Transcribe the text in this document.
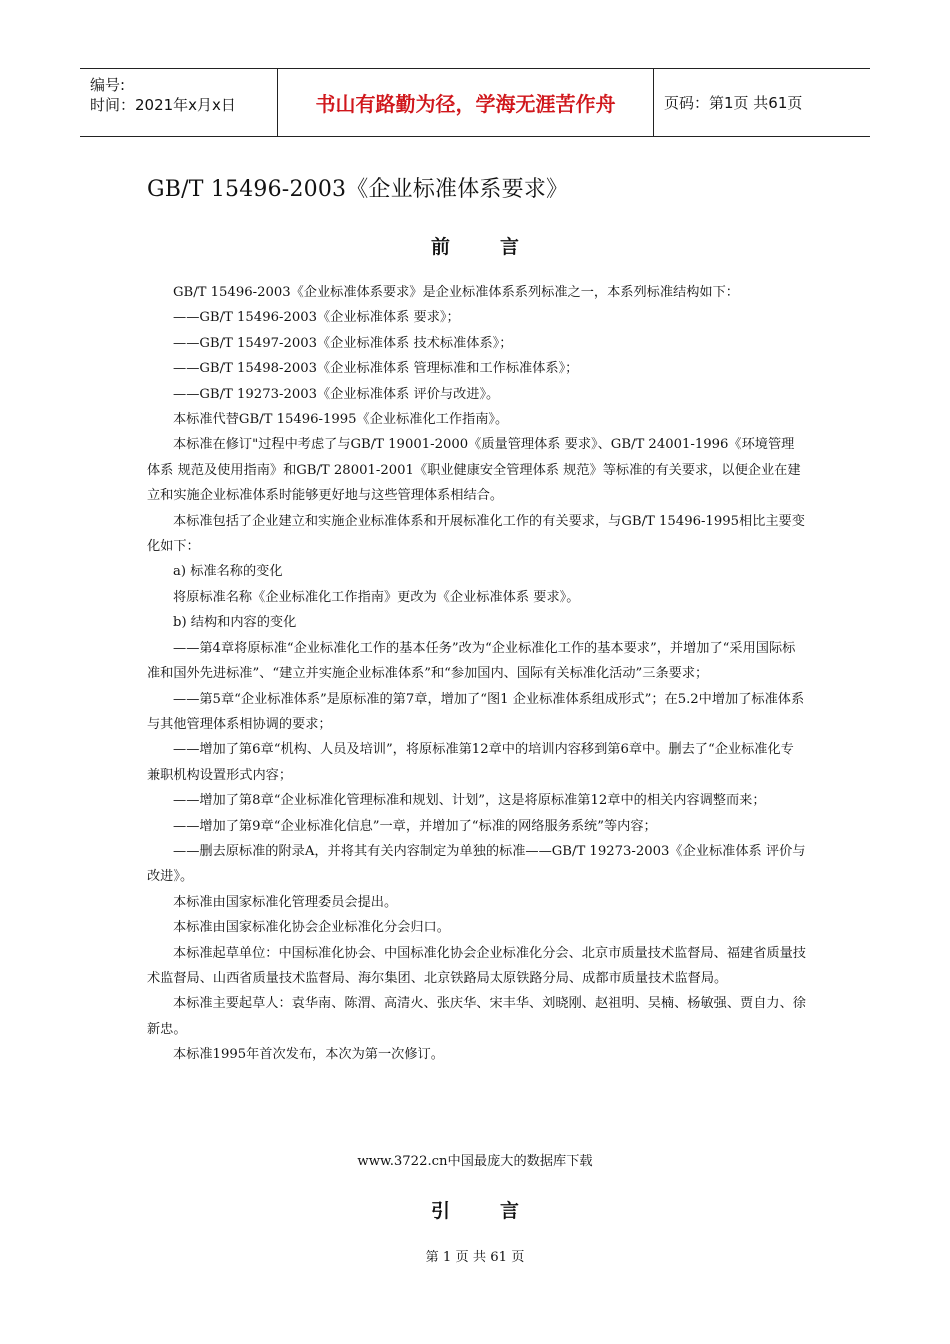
编号:
时间：2021年x月x日	书山有路勤为径，学海无涯苦作舟	页码：第1页 共61页
GB/T 15496-2003《企业标准体系要求》
前言

GB/T 15496-2003《企业标准体系要求》是企业标准体系系列标准之一，本系列标准结构如下：

——GB/T 15496-2003《企业标准体系 要求》；

——GB/T 15497-2003《企业标准体系 技术标准体系》；

——GB/T 15498-2003《企业标准体系 管理标准和工作标准体系》；

——GB/T 19273-2003《企业标准体系 评价与改进》。

本标准代替GB/T 15496-1995《企业标准化工作指南》。

本标准在修订"过程中考虑了与GB/T 19001-2000《质量管理体系 要求》、GB/T 24001-1996《环境管理体系 规范及使用指南》和GB/T 28001-2001《职业健康安全管理体系 规范》等标准的有关要求，以便企业在建立和实施企业标准体系时能够更好地与这些管理体系相结合。

本标准包括了企业建立和实施企业标准体系和开展标准化工作的有关要求，与GB/T 15496-1995相比主要变化如下：

a) 标准名称的变化

将原标准名称《企业标准化工作指南》更改为《企业标准体系 要求》。

b) 结构和内容的变化

——第4章将原标准“企业标准化工作的基本任务”改为“企业标准化工作的基本要求”，并增加了“采用国际标准和国外先进标准”、“建立并实施企业标准体系”和“参加国内、国际有关标准化活动”三条要求；

——第5章“企业标准体系”是原标准的第7章，增加了“图1 企业标准体系组成形式”；在5.2中增加了标准体系与其他管理体系相协调的要求；

——增加了第6章“机构、人员及培训”，将原标准第12章中的培训内容移到第6章中。删去了“企业标准化专兼职机构设置形式内容；

——增加了第8章“企业标准化管理标准和规划、计划”，这是将原标准第12章中的相关内容调整而来；

——增加了第9章“企业标准化信息”一章，并增加了“标准的网络服务系统”等内容；

——删去原标准的附录A，并将其有关内容制定为单独的标准——GB/T 19273-2003《企业标准体系 评价与改进》。

本标准由国家标准化管理委员会提出。

本标准由国家标准化协会企业标准化分会归口。

本标准起草单位：中国标准化协会、中国标准化协会企业标准化分会、北京市质量技术监督局、福建省质量技术监督局、山西省质量技术监督局、海尔集团、北京铁路局太原铁路分局、成都市质量技术监督局。

本标准主要起草人：袁华南、陈渭、高清火、张庆华、宋丰华、刘晓刚、赵祖明、吴楠、杨敏强、贾自力、徐新忠。

本标准1995年首次发布，本次为第一次修订。

www.3722.cn中国最庞大的数据库下载
引言
第 1 页 共 61 页
